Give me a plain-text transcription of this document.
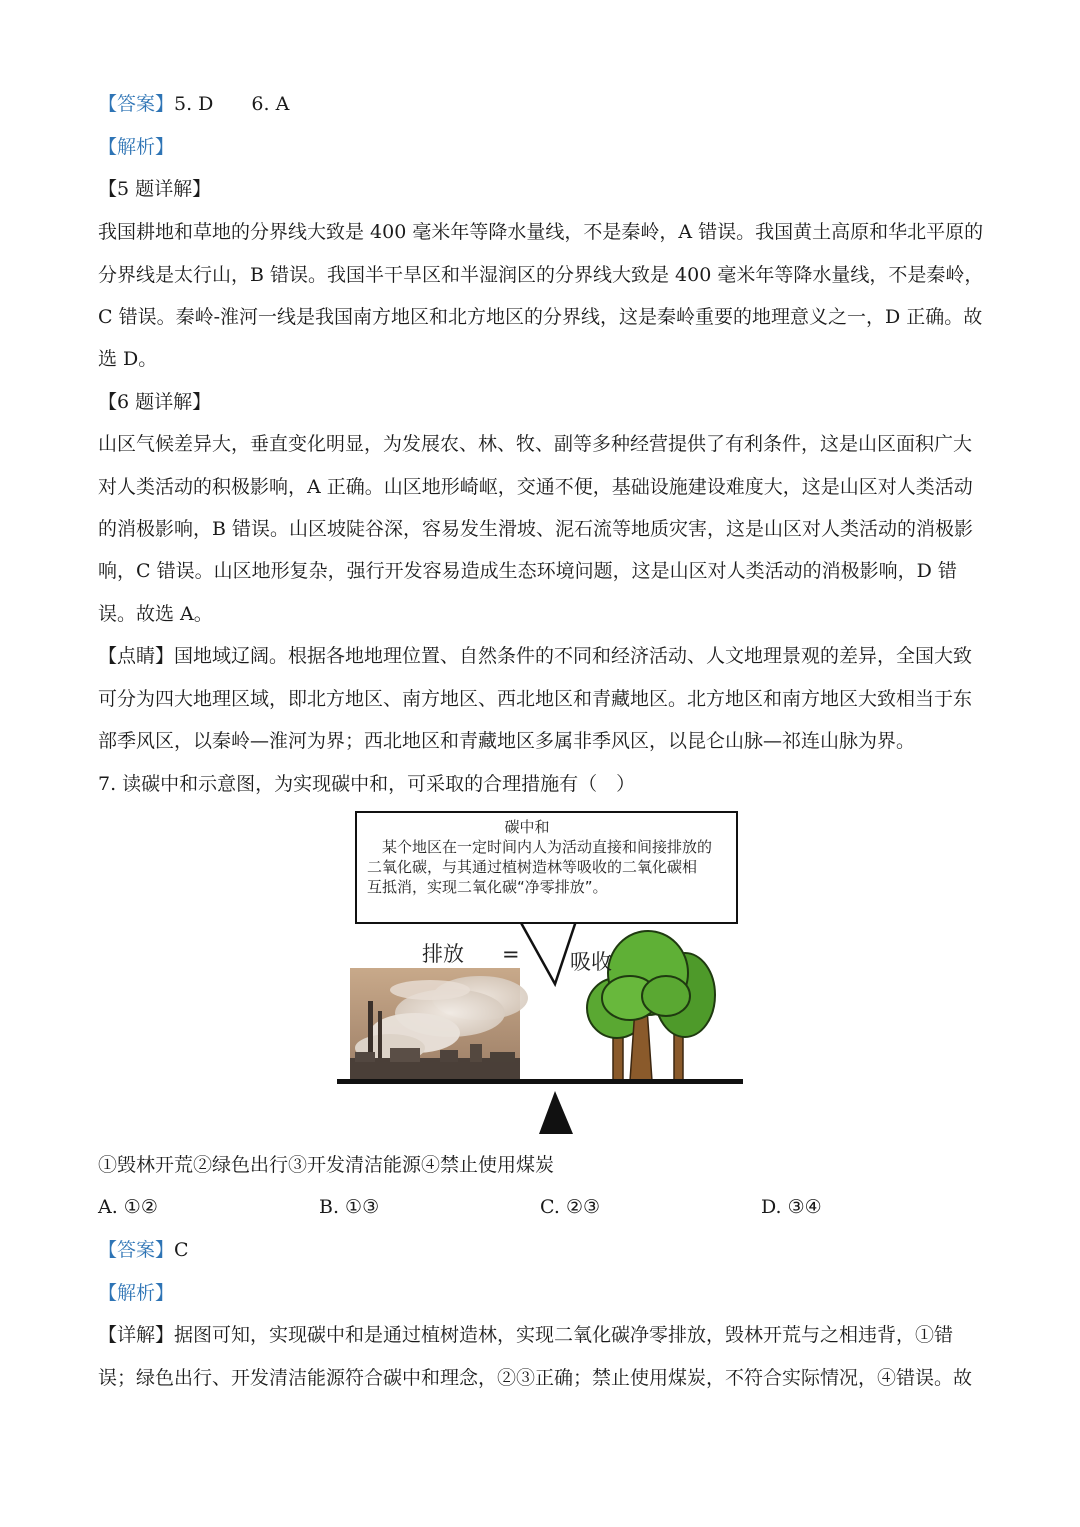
【答案】5. D 6. A
【解析】
【5 题详解】
我国耕地和草地的分界线大致是 400 毫米年等降水量线，不是秦岭，A 错误。我国黄土高原和华北平原的
分界线是太行山，B 错误。我国半干旱区和半湿润区的分界线大致是 400 毫米年等降水量线，不是秦岭，
C 错误。秦岭-淮河一线是我国南方地区和北方地区的分界线，这是秦岭重要的地理意义之一，D 正确。故
选 D。
【6 题详解】
山区气候差异大，垂直变化明显，为发展农、林、牧、副等多种经营提供了有利条件，这是山区面积广大
对人类活动的积极影响，A 正确。山区地形崎岖，交通不便，基础设施建设难度大，这是山区对人类活动
的消极影响，B 错误。山区坡陡谷深，容易发生滑坡、泥石流等地质灾害，这是山区对人类活动的消极影
响，C 错误。山区地形复杂，强行开发容易造成生态环境问题，这是山区对人类活动的消极影响，D 错
误。故选 A。
【点睛】国地域辽阔。根据各地地理位置、自然条件的不同和经济活动、人文地理景观的差异，全国大致
可分为四大地理区域，即北方地区、南方地区、西北地区和青藏地区。北方地区和南方地区大致相当于东
部季风区，以秦岭—淮河为界；西北地区和青藏地区多属非季风区，以昆仑山脉—祁连山脉为界。
7. 读碳中和示意图，为实现碳中和，可采取的合理措施有（　）
碳中和
　某个地区在一定时间内人为活动直接和间接排放的
二氧化碳，与其通过植树造林等吸收的二氧化碳相
互抵消，实现二氧化碳“净零排放”。
排放 = 吸收
①毁林开荒②绿色出行③开发清洁能源④禁止使用煤炭
A. ①②	B. ①③	C. ②③	D. ③④
【答案】C
【解析】
【详解】据图可知，实现碳中和是通过植树造林，实现二氧化碳净零排放，毁林开荒与之相违背，①错
误；绿色出行、开发清洁能源符合碳中和理念，②③正确；禁止使用煤炭，不符合实际情况，④错误。故
